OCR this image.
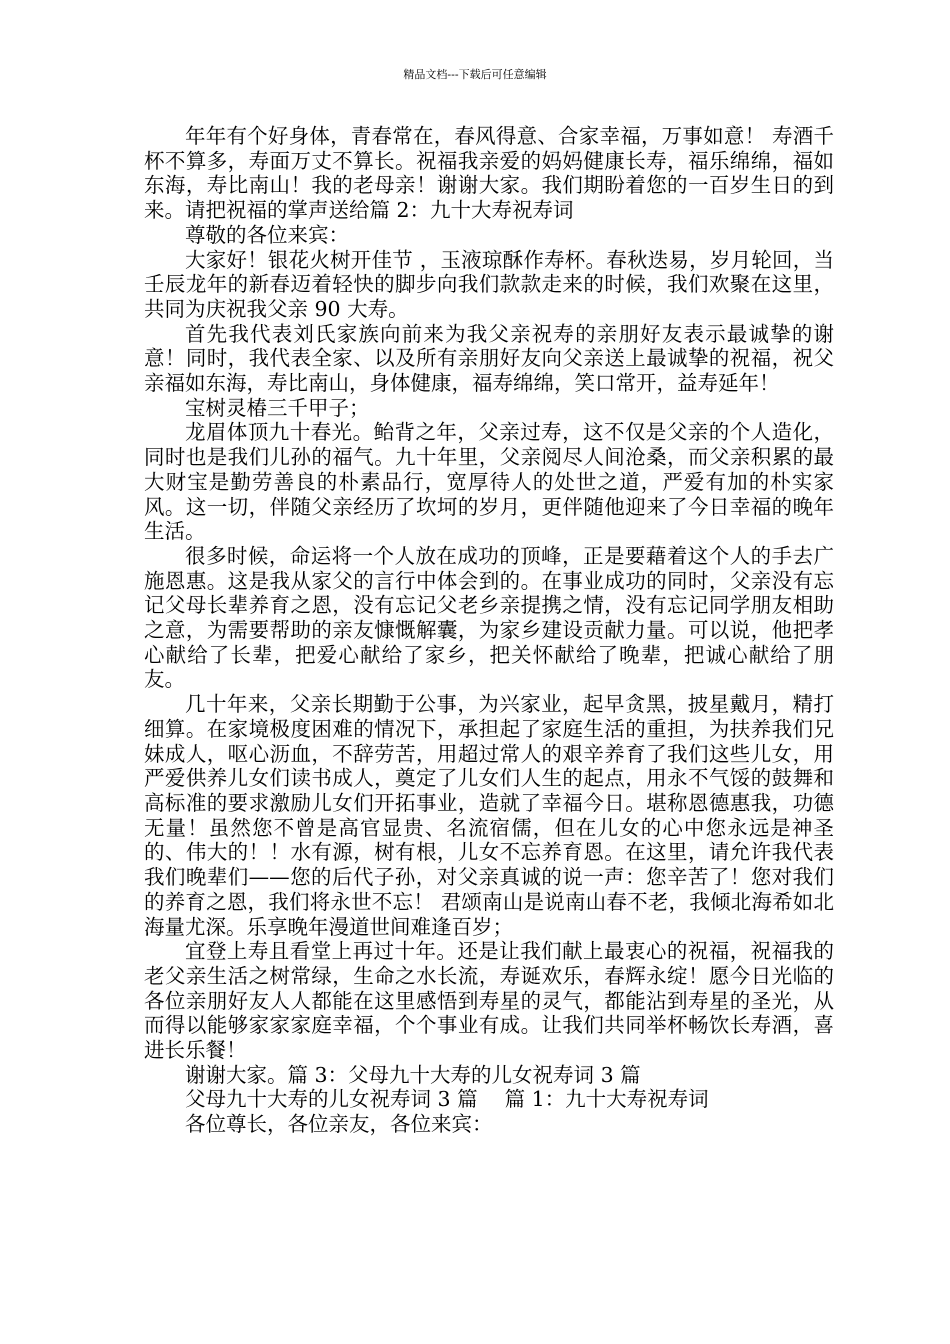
精品文档---下载后可任意编辑

年年有个好身体，青春常在，春风得意、合家幸福，万事如意！ 寿酒千杯不算多，寿面万丈不算长。祝福我亲爱的妈妈健康长寿，福乐绵绵，福如东海，寿比南山！我的老母亲！谢谢大家。我们期盼着您的一百岁生日的到来。请把祝福的掌声送给篇 2：九十大寿祝寿词

尊敬的各位来宾：

大家好！银花火树开佳节 ，玉液琼酥作寿杯。春秋迭易，岁月轮回，当壬辰龙年的新春迈着轻快的脚步向我们款款走来的时候，我们欢聚在这里，共同为庆祝我父亲 90 大寿。

首先我代表刘氏家族向前来为我父亲祝寿的亲朋好友表示最诚挚的谢意！同时，我代表全家、以及所有亲朋好友向父亲送上最诚挚的祝福，祝父亲福如东海，寿比南山，身体健康，福寿绵绵，笑口常开，益寿延年！

宝树灵椿三千甲子；

龙眉体顶九十春光。鲐背之年，父亲过寿，这不仅是父亲的个人造化，同时也是我们儿孙的福气。九十年里，父亲阅尽人间沧桑，而父亲积累的最大财宝是勤劳善良的朴素品行，宽厚待人的处世之道，严爱有加的朴实家风。这一切，伴随父亲经历了坎坷的岁月，更伴随他迎来了今日幸福的晚年生活。

很多时候，命运将一个人放在成功的顶峰，正是要藉着这个人的手去广施恩惠。这是我从家父的言行中体会到的。在事业成功的同时，父亲没有忘记父母长辈养育之恩，没有忘记父老乡亲提携之情，没有忘记同学朋友相助之意，为需要帮助的亲友慷慨解囊，为家乡建设贡献力量。可以说，他把孝心献给了长辈，把爱心献给了家乡，把关怀献给了晚辈，把诚心献给了朋友。

几十年来，父亲长期勤于公事，为兴家业，起早贪黑，披星戴月，精打细算。在家境极度困难的情况下，承担起了家庭生活的重担，为扶养我们兄妹成人，呕心沥血，不辞劳苦，用超过常人的艰辛养育了我们这些儿女，用严爱供养儿女们读书成人，奠定了儿女们人生的起点，用永不气馁的鼓舞和高标准的要求激励儿女们开拓事业，造就了幸福今日。堪称恩德惠我，功德无量！虽然您不曾是高官显贵、名流宿儒，但在儿女的心中您永远是神圣的、伟大的！！水有源，树有根，儿女不忘养育恩。在这里，请允许我代表我们晚辈们——您的后代子孙，对父亲真诚的说一声：您辛苦了！您对我们的养育之恩，我们将永世不忘！ 君颂南山是说南山春不老，我倾北海希如北海量尤深。乐享晚年漫道世间难逢百岁；

宜登上寿且看堂上再过十年。还是让我们献上最衷心的祝福，祝福我的老父亲生活之树常绿，生命之水长流，寿诞欢乐，春辉永绽！愿今日光临的各位亲朋好友人人都能在这里感悟到寿星的灵气，都能沾到寿星的圣光，从而得以能够家家家庭幸福，个个事业有成。让我们共同举杯畅饮长寿酒，喜进长乐餐！

谢谢大家。篇 3：父母九十大寿的儿女祝寿词 3 篇

父母九十大寿的儿女祝寿词 3 篇　 篇 1：九十大寿祝寿词

各位尊长，各位亲友，各位来宾：
